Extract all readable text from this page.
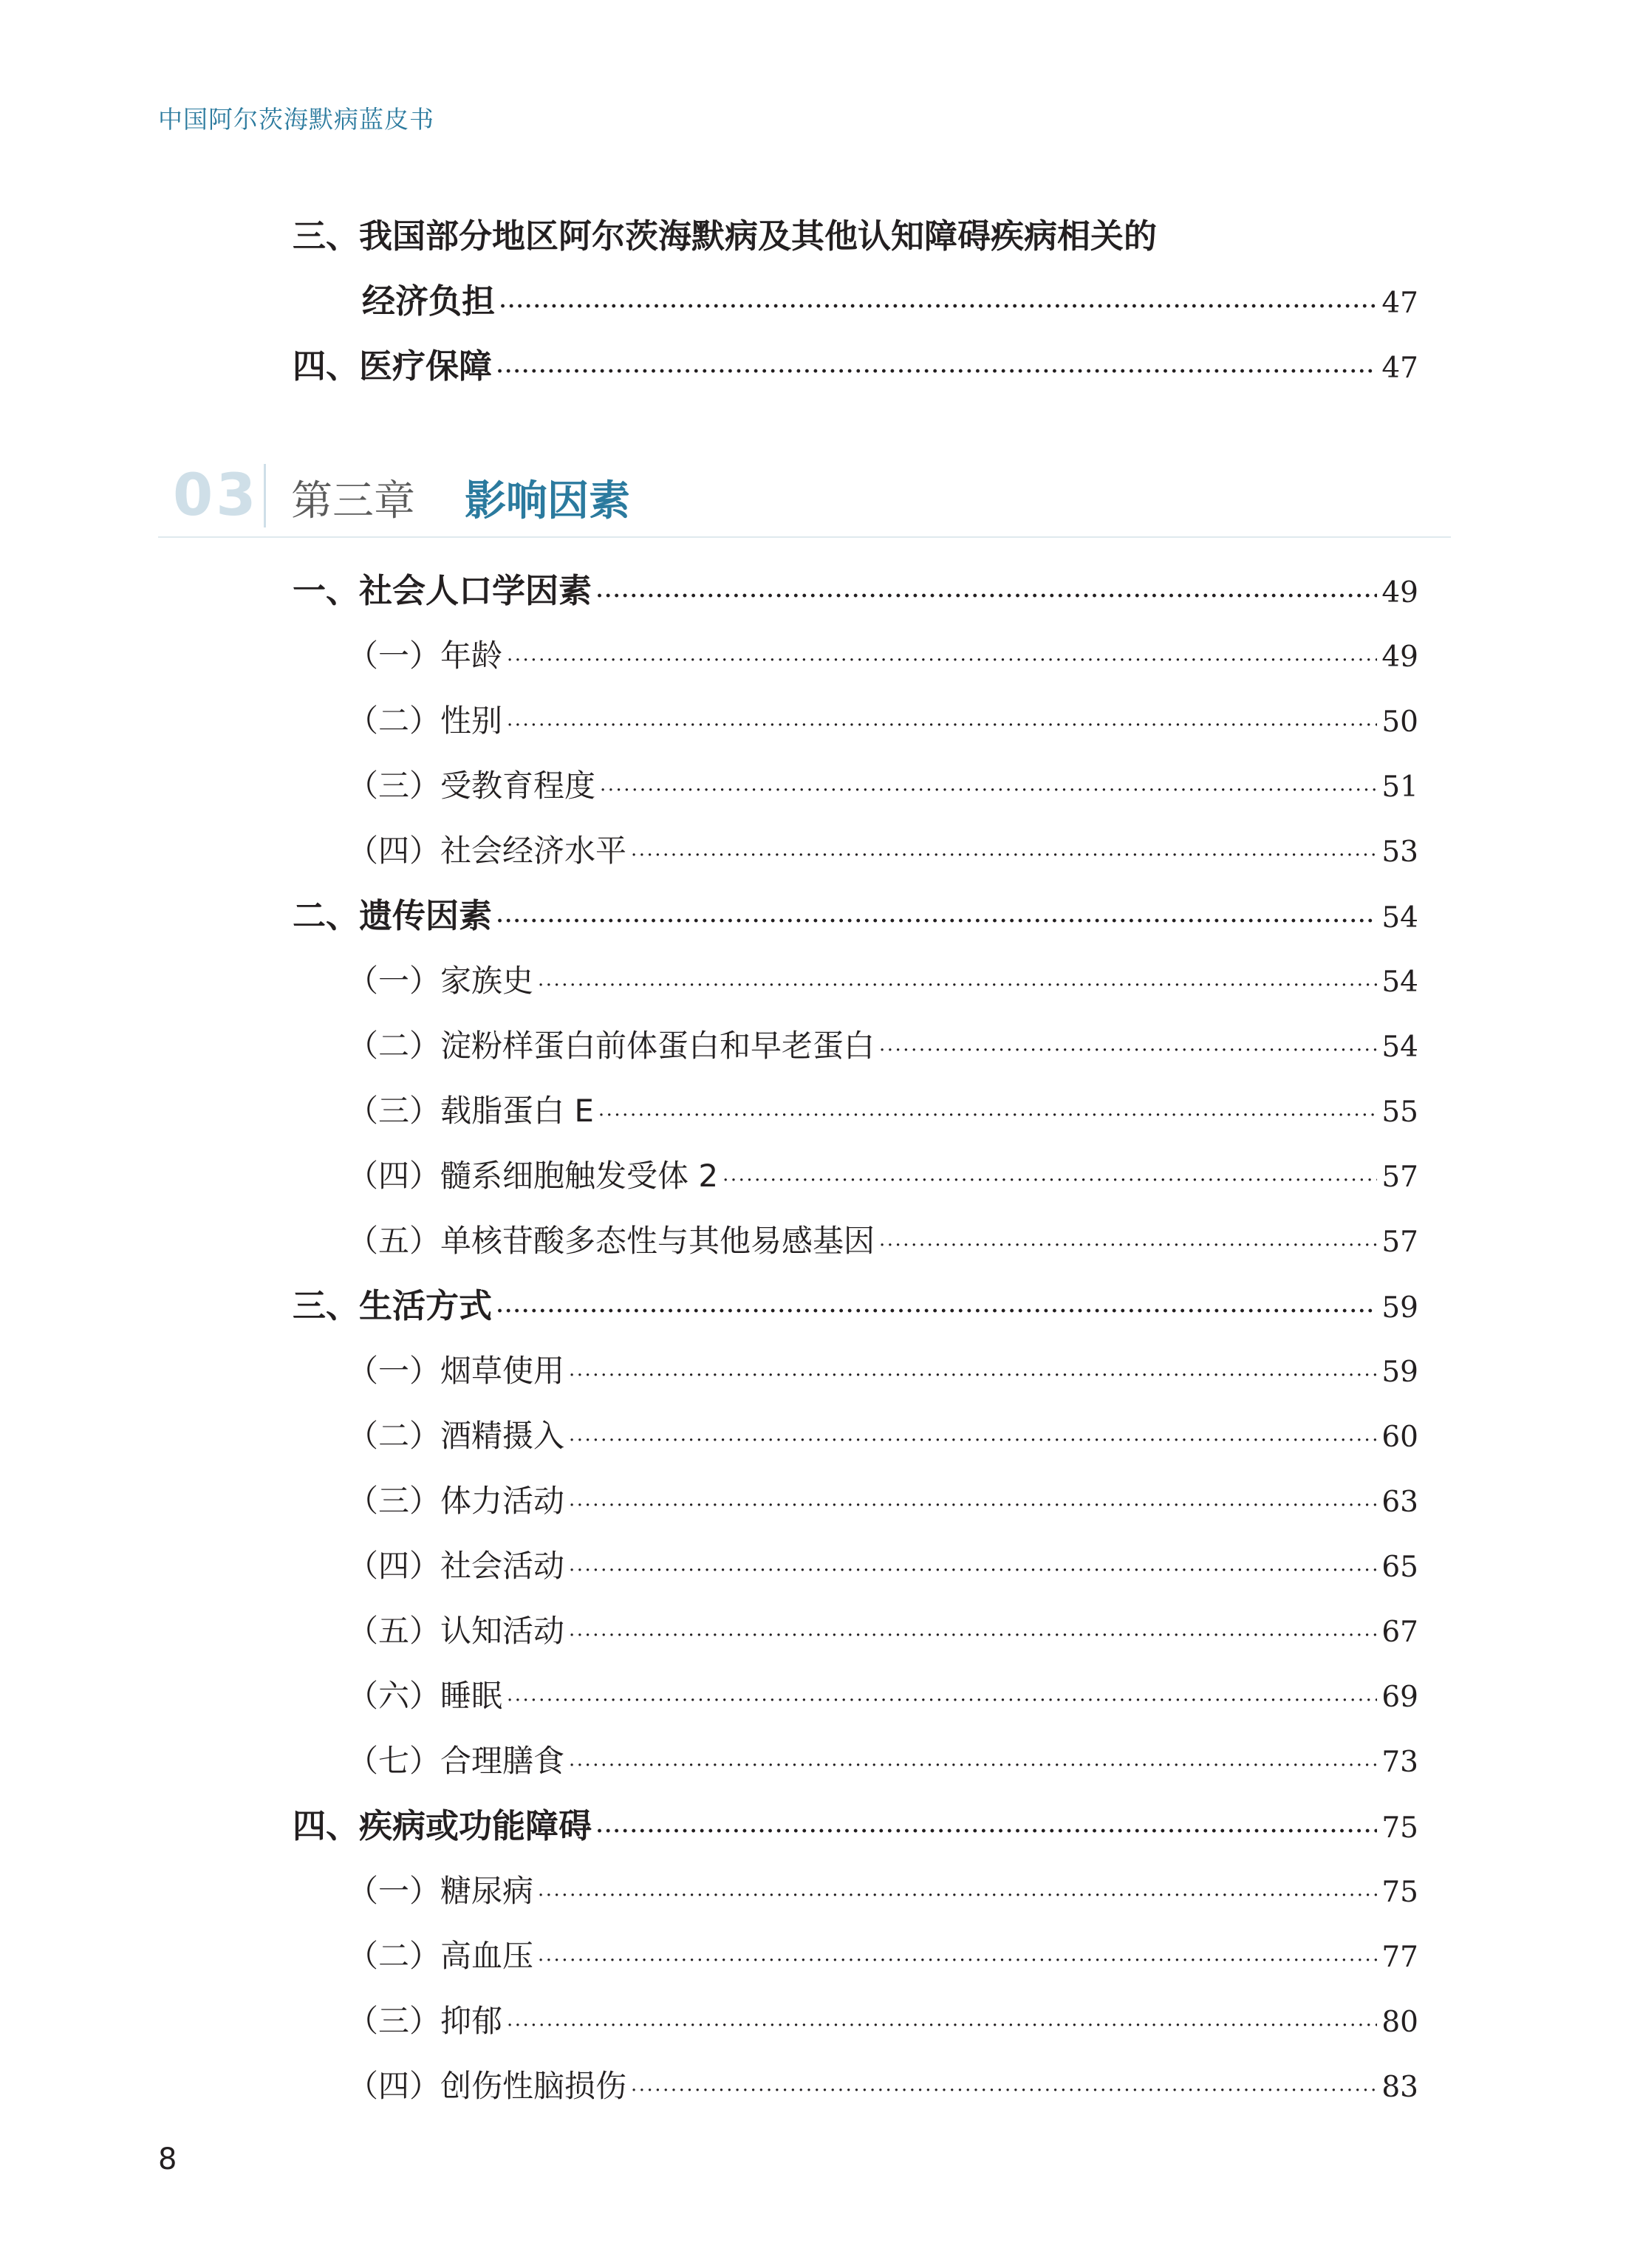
中国阿尔茨海默病蓝皮书
三、我国部分地区阿尔茨海默病及其他认知障碍疾病相关的
经济负担 ·····	47
四、医疗保障 ·····	47
03 第三章 影响因素
一、社会人口学因素 ·····	49
（一）年龄 ·····	49
（二）性别 ·····	50
（三）受教育程度 ·····	51
（四）社会经济水平 ·····	53
二、遗传因素 ·····	54
（一）家族史 ·····	54
（二）淀粉样蛋白前体蛋白和早老蛋白 ·····	54
（三）载脂蛋白 E ·····	55
（四）髓系细胞触发受体 2 ·····	57
（五）单核苷酸多态性与其他易感基因 ·····	57
三、生活方式 ·····	59
（一）烟草使用 ·····	59
（二）酒精摄入 ·····	60
（三）体力活动 ·····	63
（四）社会活动 ·····	65
（五）认知活动 ·····	67
（六）睡眠 ·····	69
（七）合理膳食 ·····	73
四、疾病或功能障碍 ·····	75
（一）糖尿病 ·····	75
（二）高血压 ·····	77
（三）抑郁 ·····	80
（四）创伤性脑损伤 ·····	83
8
